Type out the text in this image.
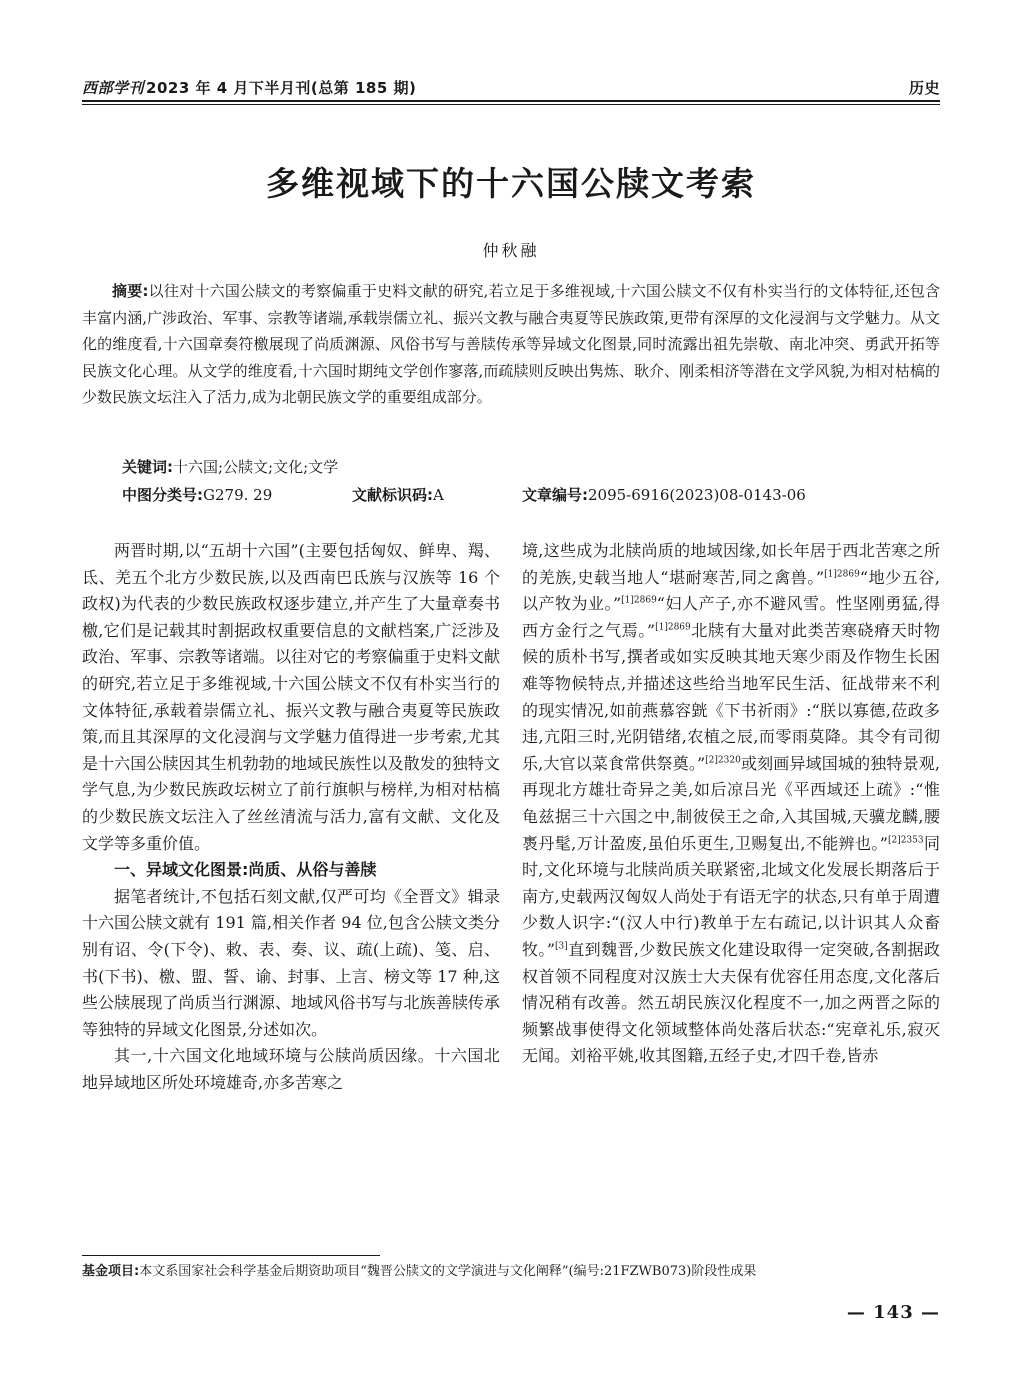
西部学刊 2023 年 4 月下半月刊(总第 185 期)	历史
多维视域下的十六国公牍文考索
仲秋融

摘要:以往对十六国公牍文的考察偏重于史料文献的研究,若立足于多维视域,十六国公牍文不仅有朴实当行的文体特征,还包含丰富内涵,广涉政治、军事、宗教等诸端,承载崇儒立礼、振兴文教与融合夷夏等民族政策,更带有深厚的文化浸润与文学魅力。从文化的维度看,十六国章奏符檄展现了尚质渊源、风俗书写与善牍传承等异域文化图景,同时流露出祖先崇敬、南北冲突、勇武开拓等民族文化心理。从文学的维度看,十六国时期纯文学创作寥落,而疏牍则反映出隽炼、耿介、刚柔相济等潜在文学风貌,为相对枯槁的少数民族文坛注入了活力,成为北朝民族文学的重要组成部分。

关键词:十六国;公牍文;文化;文学
中图分类号:G279. 29	文献标识码:A	文章编号:2095-6916(2023)08-0143-06

两晋时期,以“五胡十六国”(主要包括匈奴、鲜卑、羯、氐、羌五个北方少数民族,以及西南巴氐族与汉族等 16 个政权)为代表的少数民族政权逐步建立,并产生了大量章奏书檄,它们是记载其时割据政权重要信息的文献档案,广泛涉及政治、军事、宗教等诸端。以往对它的考察偏重于史料文献的研究,若立足于多维视域,十六国公牍文不仅有朴实当行的文体特征,承载着崇儒立礼、振兴文教与融合夷夏等民族政策,而且其深厚的文化浸润与文学魅力值得进一步考索,尤其是十六国公牍因其生机勃勃的地域民族性以及散发的独特文学气息,为少数民族政坛树立了前行旗帜与榜样,为相对枯槁的少数民族文坛注入了丝丝清流与活力,富有文献、文化及文学等多重价值。

一、异域文化图景:尚质、从俗与善牍

据笔者统计,不包括石刻文献,仅严可均《全晋文》辑录十六国公牍文就有 191 篇,相关作者 94 位,包含公牍文类分别有诏、令(下令)、敕、表、奏、议、疏(上疏)、笺、启、书(下书)、檄、盟、誓、谕、封事、上言、榜文等 17 种,这些公牍展现了尚质当行渊源、地域风俗书写与北族善牍传承等独特的异域文化图景,分述如次。

其一,十六国文化地域环境与公牍尚质因缘。十六国北地异域地区所处环境雄奇,亦多苦寒之

境,这些成为北牍尚质的地域因缘,如长年居于西北苦寒之所的羌族,史载当地人“堪耐寒苦,同之禽兽。”$^{[1]2869}$“地少五谷,以产牧为业。”$^{[1]2869}$“妇人产子,亦不避风雪。性坚刚勇猛,得西方金行之气焉。”$^{[1]2869}$北牍有大量对此类苦寒硗瘠天时物候的质朴书写,撰者或如实反映其地天寒少雨及作物生长困难等物候特点,并描述这些给当地军民生活、征战带来不利的现实情况,如前燕慕容皝《下书祈雨》:“朕以寡德,莅政多违,亢阳三时,光阴错绪,农植之辰,而零雨莫降。其令有司彻乐,大官以菜食常供祭奠。”$^{[2]2320}$或刻画异域国城的独特景观,再现北方雄壮奇异之美,如后凉吕光《平西域还上疏》:“惟龟兹据三十六国之中,制彼侯王之命,入其国城,天骥龙麟,腰褭丹髦,万计盈废,虽伯乐更生,卫赐复出,不能辨也。”$^{[2]2353}$同时,文化环境与北牍尚质关联紧密,北域文化发展长期落后于南方,史载两汉匈奴人尚处于有语无字的状态,只有单于周遭少数人识字:“(汉人中行)教单于左右疏记,以计识其人众畜牧。”[3]直到魏晋,少数民族文化建设取得一定突破,各割据政权首领不同程度对汉族士大夫保有优容任用态度,文化落后情况稍有改善。然五胡民族汉化程度不一,加之两晋之际的频繁战事使得文化领域整体尚处落后状态:“宪章礼乐,寂灭无闻。刘裕平姚,收其图籍,五经子史,才四千卷,皆赤

基金项目:本文系国家社会科学基金后期资助项目“魏晋公牍文的文学演进与文化阐释”(编号:21FZWB073)阶段性成果
— 143 —
